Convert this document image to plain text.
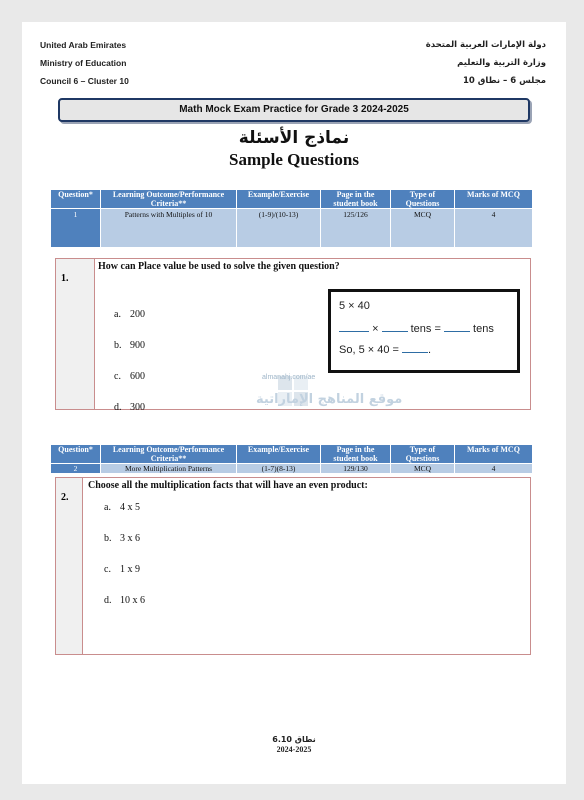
United Arab Emirates
Ministry of Education
Council 6 – Cluster 10
دولة الإمارات العربية المتحدة
وزارة التربية والتعليم
مجلس 6 – نطاق 10
Math Mock Exam Practice for Grade 3 2024-2025
نماذج الأسئلة
Sample Questions
Question*	Learning Outcome/Performance Criteria**	Example/Exercise	Page in the student book	Type of Questions	Marks of MCQ
1	Patterns with Multiples of 10	(1-9)/(10-13)	125/126	MCQ	4
1.
How can Place value be used to solve the given question?
a. 200
b. 900
c. 600
d. 300
5 × 40
×	tens =	tens
So, 5 × 40 =	.
almanahj.com/ae
موقع المناهج الإماراتية
Question*	Learning Outcome/Performance Criteria**	Example/Exercise	Page in the student book	Type of Questions	Marks of MCQ
2	More Multiplication Patterns	(1-7)(8-13)	129/130	MCQ	4
2.
Choose all the multiplication facts that will have an even product:
a. 4 x 5
b. 3 x 6
c. 1 x 9
d. 10 x 6
نطاق 6.10
2024-2025
